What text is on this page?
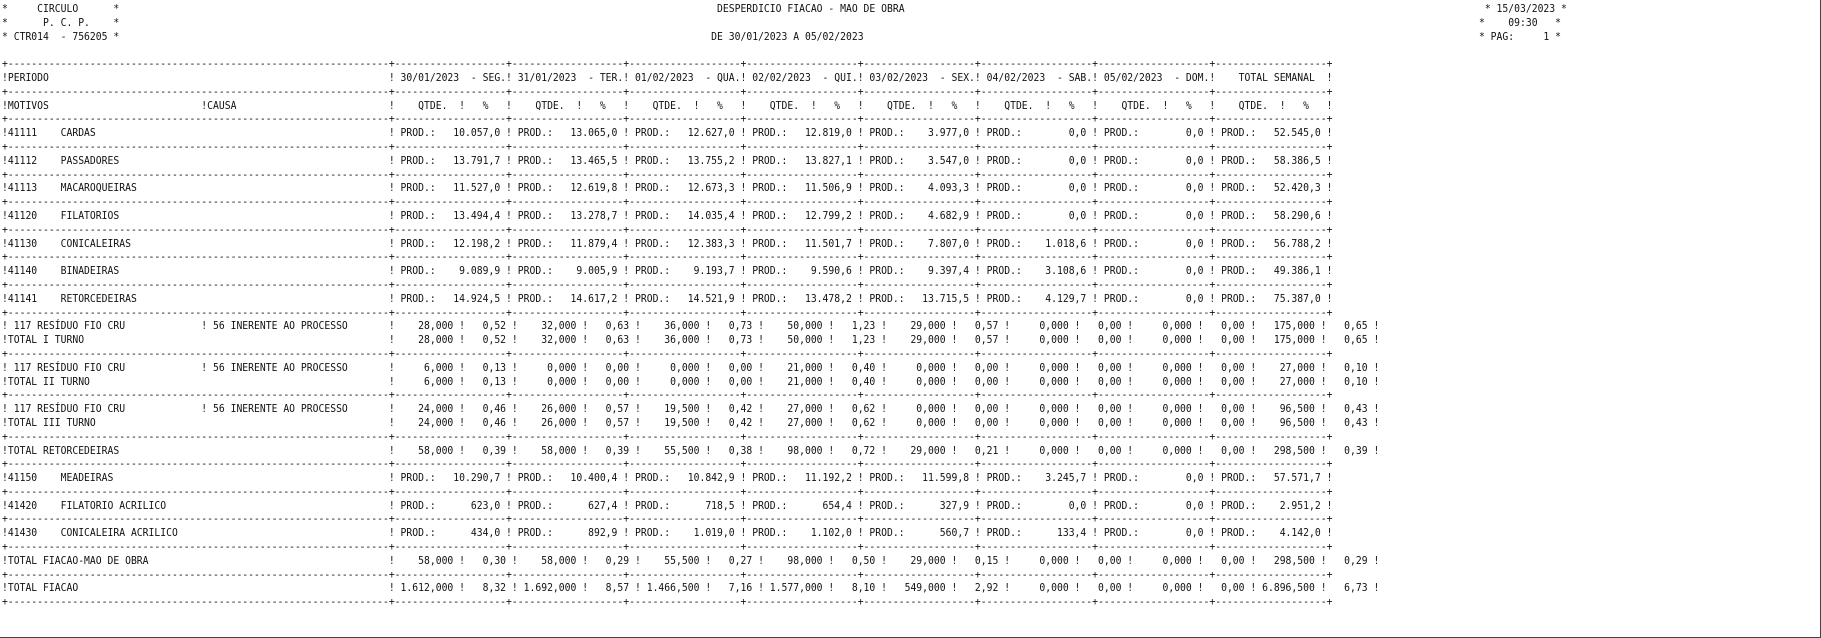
*     CIRCULO      *                                                                                                      DESPERDICIO FIACAO - MAO DE OBRA                                                                                                   * 15/03/2023 *
*      P. C. P.    *                                                                                                                                                                                                                                        *    09:30   *
* CTR014  - 756205 *                                                                                                     DE 30/01/2023 A 05/02/2023                                                                                                         * PAG:     1 *

+-----------------------------------------------------------------+-------------------+-------------------+-------------------+-------------------+-------------------+-------------------+-------------------+-------------------+
!PERIODO                                                          ! 30/01/2023  - SEG.! 31/01/2023  - TER.! 01/02/2023  - QUA.! 02/02/2023  - QUI.! 03/02/2023  - SEX.! 04/02/2023  - SAB.! 05/02/2023  - DOM.!    TOTAL SEMANAL  !
+-----------------------------------------------------------------+-------------------+-------------------+-------------------+-------------------+-------------------+-------------------+-------------------+-------------------+
!MOTIVOS                          !CAUSA                          !    QTDE.  !   %   !    QTDE.  !   %   !    QTDE.  !   %   !    QTDE.  !   %   !    QTDE.  !   %   !    QTDE.  !   %   !    QTDE.  !   %   !    QTDE.  !   %   !
+-----------------------------------------------------------------+-------------------+-------------------+-------------------+-------------------+-------------------+-------------------+-------------------+-------------------+
!41111    CARDAS                                                  ! PROD.:   10.057,0 ! PROD.:   13.065,0 ! PROD.:   12.627,0 ! PROD.:   12.819,0 ! PROD.:    3.977,0 ! PROD.:        0,0 ! PROD.:        0,0 ! PROD.:   52.545,0 !
+-----------------------------------------------------------------+-------------------+-------------------+-------------------+-------------------+-------------------+-------------------+-------------------+-------------------+
!41112    PASSADORES                                              ! PROD.:   13.791,7 ! PROD.:   13.465,5 ! PROD.:   13.755,2 ! PROD.:   13.827,1 ! PROD.:    3.547,0 ! PROD.:        0,0 ! PROD.:        0,0 ! PROD.:   58.386,5 !
+-----------------------------------------------------------------+-------------------+-------------------+-------------------+-------------------+-------------------+-------------------+-------------------+-------------------+
!41113    MACAROQUEIRAS                                           ! PROD.:   11.527,0 ! PROD.:   12.619,8 ! PROD.:   12.673,3 ! PROD.:   11.506,9 ! PROD.:    4.093,3 ! PROD.:        0,0 ! PROD.:        0,0 ! PROD.:   52.420,3 !
+-----------------------------------------------------------------+-------------------+-------------------+-------------------+-------------------+-------------------+-------------------+-------------------+-------------------+
!41120    FILATORIOS                                              ! PROD.:   13.494,4 ! PROD.:   13.278,7 ! PROD.:   14.035,4 ! PROD.:   12.799,2 ! PROD.:    4.682,9 ! PROD.:        0,0 ! PROD.:        0,0 ! PROD.:   58.290,6 !
+-----------------------------------------------------------------+-------------------+-------------------+-------------------+-------------------+-------------------+-------------------+-------------------+-------------------+
!41130    CONICALEIRAS                                            ! PROD.:   12.198,2 ! PROD.:   11.879,4 ! PROD.:   12.383,3 ! PROD.:   11.501,7 ! PROD.:    7.807,0 ! PROD.:    1.018,6 ! PROD.:        0,0 ! PROD.:   56.788,2 !
+-----------------------------------------------------------------+-------------------+-------------------+-------------------+-------------------+-------------------+-------------------+-------------------+-------------------+
!41140    BINADEIRAS                                              ! PROD.:    9.089,9 ! PROD.:    9.005,9 ! PROD.:    9.193,7 ! PROD.:    9.590,6 ! PROD.:    9.397,4 ! PROD.:    3.108,6 ! PROD.:        0,0 ! PROD.:   49.386,1 !
+-----------------------------------------------------------------+-------------------+-------------------+-------------------+-------------------+-------------------+-------------------+-------------------+-------------------+
!41141    RETORCEDEIRAS                                           ! PROD.:   14.924,5 ! PROD.:   14.617,2 ! PROD.:   14.521,9 ! PROD.:   13.478,2 ! PROD.:   13.715,5 ! PROD.:    4.129,7 ! PROD.:        0,0 ! PROD.:   75.387,0 !
+-----------------------------------------------------------------+-------------------+-------------------+-------------------+-------------------+-------------------+-------------------+-------------------+-------------------+
! 117 RESÍDUO FIO CRU             ! 56 INERENTE AO PROCESSO       !    28,000 !   0,52 !    32,000 !   0,63 !    36,000 !   0,73 !    50,000 !   1,23 !    29,000 !   0,57 !     0,000 !   0,00 !     0,000 !   0,00 !   175,000 !   0,65 !
!TOTAL I TURNO                                                    !    28,000 !   0,52 !    32,000 !   0,63 !    36,000 !   0,73 !    50,000 !   1,23 !    29,000 !   0,57 !     0,000 !   0,00 !     0,000 !   0,00 !   175,000 !   0,65 !
+-----------------------------------------------------------------+-------------------+-------------------+-------------------+-------------------+-------------------+-------------------+-------------------+-------------------+
! 117 RESÍDUO FIO CRU             ! 56 INERENTE AO PROCESSO       !     6,000 !   0,13 !     0,000 !   0,00 !     0,000 !   0,00 !    21,000 !   0,40 !     0,000 !   0,00 !     0,000 !   0,00 !     0,000 !   0,00 !    27,000 !   0,10 !
!TOTAL II TURNO                                                   !     6,000 !   0,13 !     0,000 !   0,00 !     0,000 !   0,00 !    21,000 !   0,40 !     0,000 !   0,00 !     0,000 !   0,00 !     0,000 !   0,00 !    27,000 !   0,10 !
+-----------------------------------------------------------------+-------------------+-------------------+-------------------+-------------------+-------------------+-------------------+-------------------+-------------------+
! 117 RESÍDUO FIO CRU             ! 56 INERENTE AO PROCESSO       !    24,000 !   0,46 !    26,000 !   0,57 !    19,500 !   0,42 !    27,000 !   0,62 !     0,000 !   0,00 !     0,000 !   0,00 !     0,000 !   0,00 !    96,500 !   0,43 !
!TOTAL III TURNO                                                  !    24,000 !   0,46 !    26,000 !   0,57 !    19,500 !   0,42 !    27,000 !   0,62 !     0,000 !   0,00 !     0,000 !   0,00 !     0,000 !   0,00 !    96,500 !   0,43 !
+-----------------------------------------------------------------+-------------------+-------------------+-------------------+-------------------+-------------------+-------------------+-------------------+-------------------+
!TOTAL RETORCEDEIRAS                                              !    58,000 !   0,39 !    58,000 !   0,39 !    55,500 !   0,38 !    98,000 !   0,72 !    29,000 !   0,21 !     0,000 !   0,00 !     0,000 !   0,00 !   298,500 !   0,39 !
+-----------------------------------------------------------------+-------------------+-------------------+-------------------+-------------------+-------------------+-------------------+-------------------+-------------------+
!41150    MEADEIRAS                                               ! PROD.:   10.290,7 ! PROD.:   10.400,4 ! PROD.:   10.842,9 ! PROD.:   11.192,2 ! PROD.:   11.599,8 ! PROD.:    3.245,7 ! PROD.:        0,0 ! PROD.:   57.571,7 !
+-----------------------------------------------------------------+-------------------+-------------------+-------------------+-------------------+-------------------+-------------------+-------------------+-------------------+
!41420    FILATORIO ACRILICO                                      ! PROD.:      623,0 ! PROD.:      627,4 ! PROD.:      718,5 ! PROD.:      654,4 ! PROD.:      327,9 ! PROD.:        0,0 ! PROD.:        0,0 ! PROD.:    2.951,2 !
+-----------------------------------------------------------------+-------------------+-------------------+-------------------+-------------------+-------------------+-------------------+-------------------+-------------------+
!41430    CONICALEIRA ACRILICO                                    ! PROD.:      434,0 ! PROD.:      892,9 ! PROD.:    1.019,0 ! PROD.:    1.102,0 ! PROD.:      560,7 ! PROD.:      133,4 ! PROD.:        0,0 ! PROD.:    4.142,0 !
+-----------------------------------------------------------------+-------------------+-------------------+-------------------+-------------------+-------------------+-------------------+-------------------+-------------------+
!TOTAL FIACAO-MAO DE OBRA                                         !    58,000 !   0,30 !    58,000 !   0,29 !    55,500 !   0,27 !    98,000 !   0,50 !    29,000 !   0,15 !     0,000 !   0,00 !     0,000 !   0,00 !   298,500 !   0,29 !
+-----------------------------------------------------------------+-------------------+-------------------+-------------------+-------------------+-------------------+-------------------+-------------------+-------------------+
!TOTAL FIACAO                                                     ! 1.612,000 !   8,32 ! 1.692,000 !   8,57 ! 1.466,500 !   7,16 ! 1.577,000 !   8,10 !   549,000 !   2,92 !     0,000 !   0,00 !     0,000 !   0,00 ! 6.896,500 !   6,73 !
+-----------------------------------------------------------------+-------------------+-------------------+-------------------+-------------------+-------------------+-------------------+-------------------+-------------------+
